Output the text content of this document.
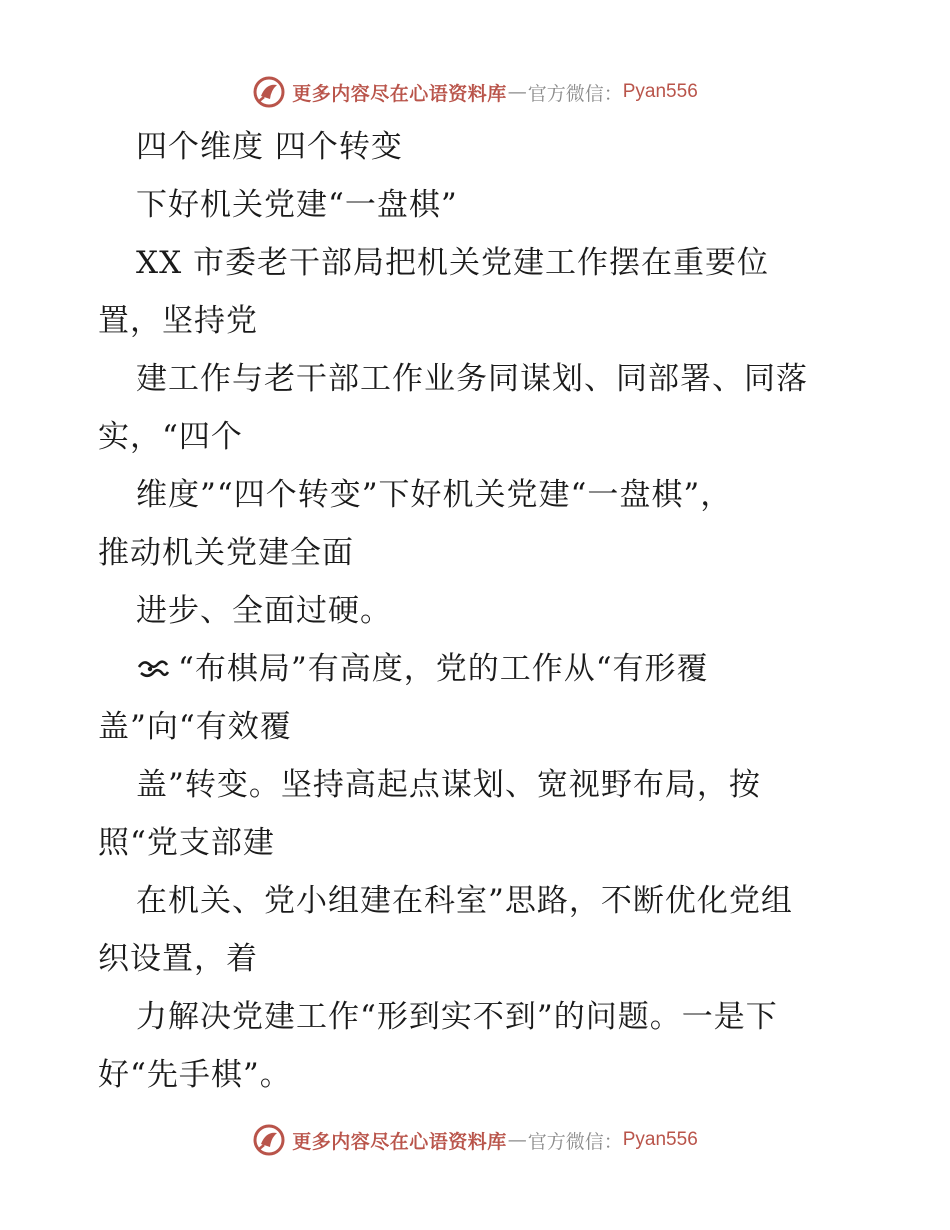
更多内容尽在心语资料库 — 官方微信： Pyan556
四个维度 四个转变
下好机关党建“一盘棋”
XX 市委老干部局把机关党建工作摆在重要位
置，坚持党
建工作与老干部工作业务同谋划、同部署、同落
实，“四个
维度”“四个转变”下好机关党建“一盘棋”，
推动机关党建全面
进步、全面过硬。
“布棋局”有高度，党的工作从“有形覆
盖”向“有效覆
盖”转变。坚持高起点谋划、宽视野布局，按
照“党支部建
在机关、党小组建在科室”思路，不断优化党组
织设置，着
力解决党建工作“形到实不到”的问题。一是下
好“先手棋”。
更多内容尽在心语资料库 — 官方微信： Pyan556
